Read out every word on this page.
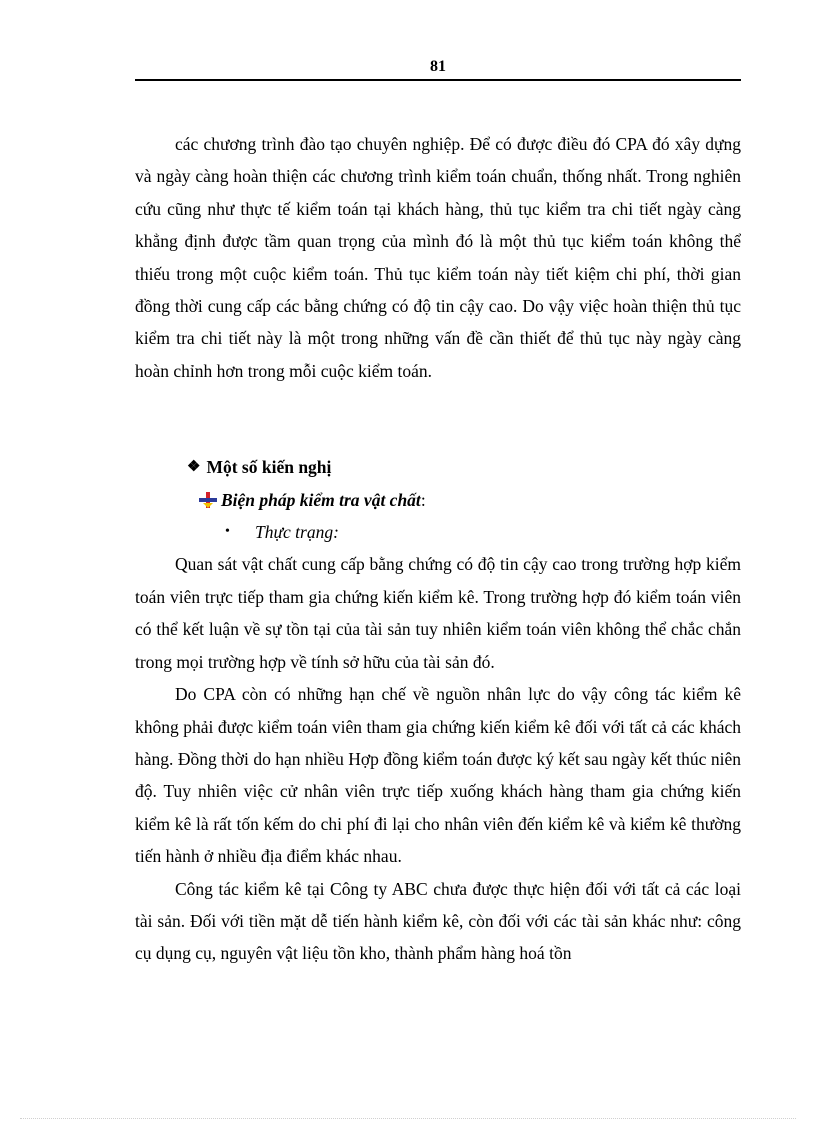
81

các chương trình đào tạo chuyên nghiệp. Để có được điều đó CPA đó xây dựng và ngày càng hoàn thiện các chương trình kiểm toán chuẩn, thống nhất. Trong nghiên cứu cũng như thực tế kiểm toán tại khách hàng, thủ tục kiểm tra chi tiết ngày càng khẳng định được tầm quan trọng của mình đó là một thủ tục kiểm toán không thể thiếu trong một cuộc kiểm toán. Thủ tục kiểm toán này tiết kiệm chi phí, thời gian đồng thời cung cấp các bằng chứng có độ tin cậy cao. Do vậy việc hoàn thiện thủ tục kiểm tra chi tiết này là một trong những vấn đề cần thiết để thủ tục này ngày càng hoàn chỉnh hơn trong mỗi cuộc kiểm toán.

❖ Một số kiến nghị

Biện pháp kiểm tra vật chất :

•	Thực trạng:

Quan sát vật chất cung cấp bằng chứng có độ tin cậy cao trong trường hợp kiểm toán viên trực tiếp tham gia chứng kiến kiểm kê. Trong trường hợp đó kiểm toán viên có thể kết luận về sự tồn tại của tài sản tuy nhiên kiểm toán viên không thể chắc chắn trong mọi trường hợp về tính sở hữu của tài sản đó.

Do CPA còn có những hạn chế về nguồn nhân lực do vậy công tác kiểm kê không phải được kiểm toán viên tham gia chứng kiến kiểm kê đối với tất cả các khách hàng. Đồng thời do hạn nhiều Hợp đồng kiểm toán được ký kết sau ngày kết thúc niên độ. Tuy nhiên việc cử nhân viên trực tiếp xuống khách hàng tham gia chứng kiến kiểm kê là rất tốn kếm do chi phí đi lại cho nhân viên đến kiểm kê và kiểm kê thường tiến hành ở nhiều địa điểm khác nhau.

Công tác kiểm kê tại Công ty ABC chưa được thực hiện đối với tất cả các loại tài sản. Đối với tiền mặt dễ tiến hành kiểm kê, còn đối với các tài sản khác như: công cụ dụng cụ, nguyên vật liệu tồn kho, thành phẩm hàng hoá tồn
